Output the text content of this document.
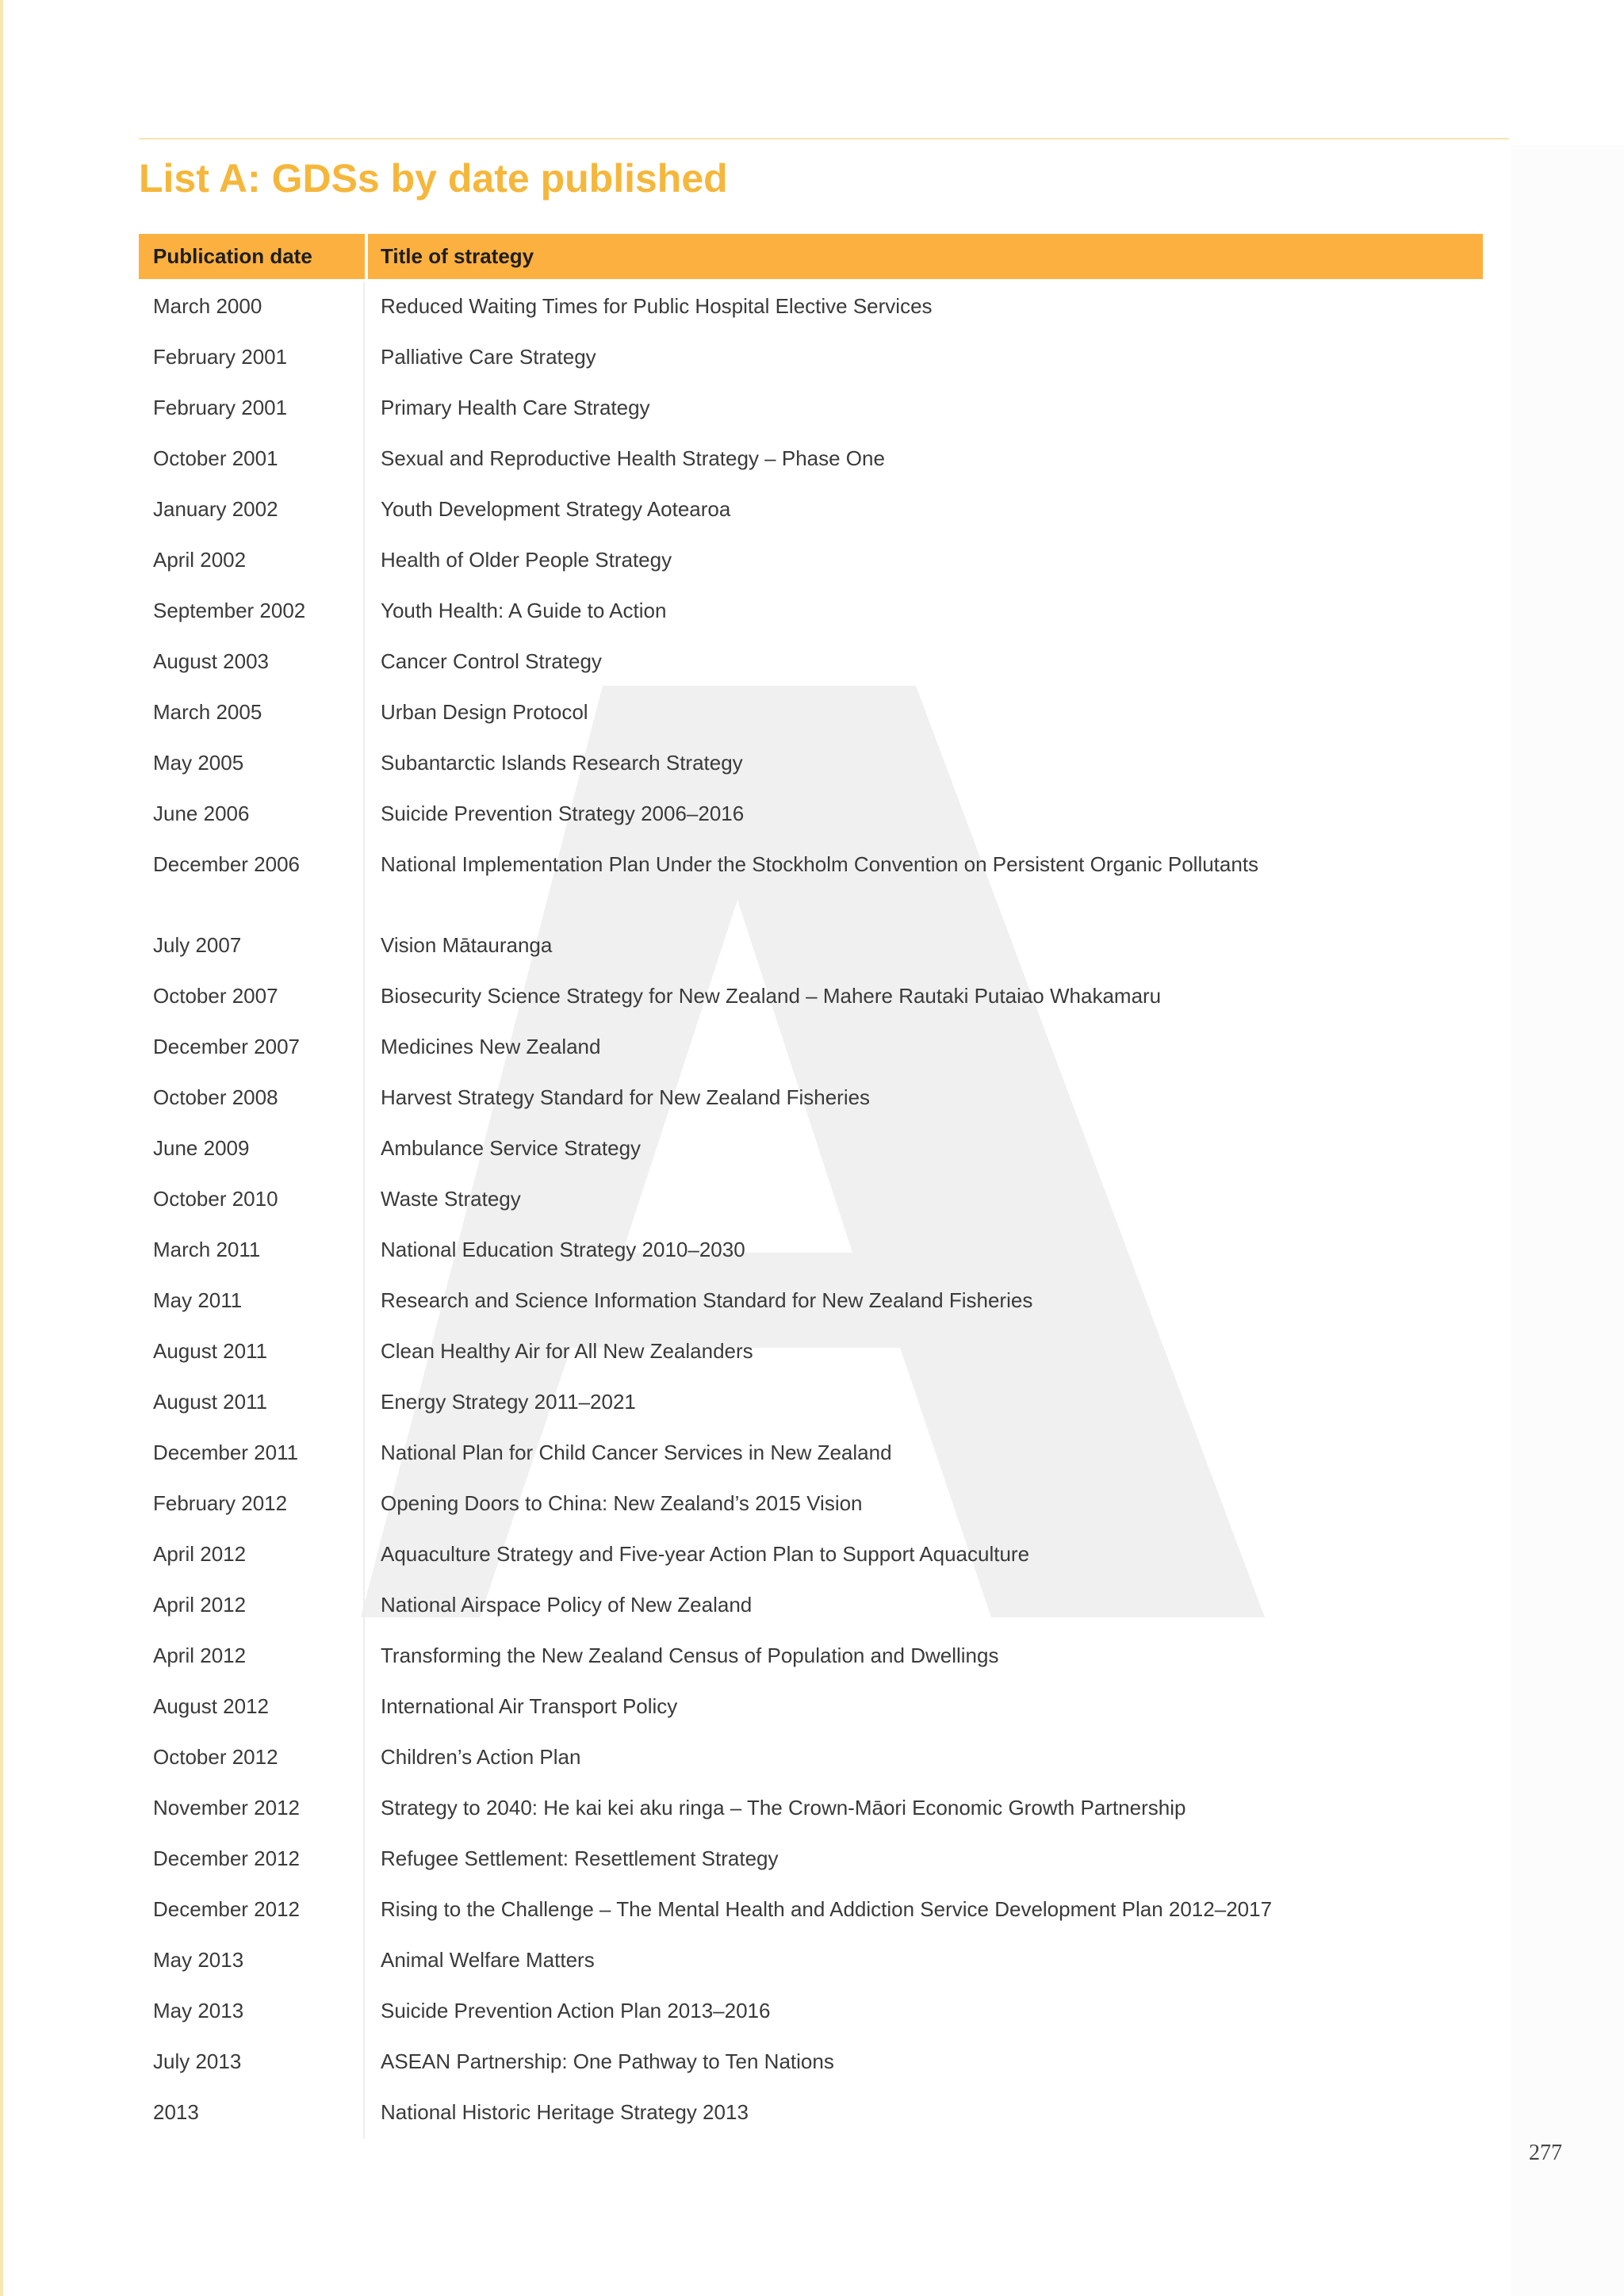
List A: GDSs by date published
Publication date	Title of strategy
March 2000	Reduced Waiting Times for Public Hospital Elective Services
February 2001	Palliative Care Strategy
February 2001	Primary Health Care Strategy
October 2001	Sexual and Reproductive Health Strategy – Phase One
January 2002	Youth Development Strategy Aotearoa
April 2002	Health of Older People Strategy
September 2002	Youth Health: A Guide to Action
August 2003	Cancer Control Strategy
March 2005	Urban Design Protocol
May 2005	Subantarctic Islands Research Strategy
June 2006	Suicide Prevention Strategy 2006–2016
December 2006	National Implementation Plan Under the Stockholm Convention on Persistent Organic Pollutants
July 2007	Vision Mātauranga
October 2007	Biosecurity Science Strategy for New Zealand – Mahere Rautaki Putaiao Whakamaru
December 2007	Medicines New Zealand
October 2008	Harvest Strategy Standard for New Zealand Fisheries
June 2009	Ambulance Service Strategy
October 2010	Waste Strategy
March 2011	National Education Strategy 2010–2030
May 2011	Research and Science Information Standard for New Zealand Fisheries
August 2011	Clean Healthy Air for All New Zealanders
August 2011	Energy Strategy 2011–2021
December 2011	National Plan for Child Cancer Services in New Zealand
February 2012	Opening Doors to China: New Zealand’s 2015 Vision
April 2012	Aquaculture Strategy and Five-year Action Plan to Support Aquaculture
April 2012	National Airspace Policy of New Zealand
April 2012	Transforming the New Zealand Census of Population and Dwellings
August 2012	International Air Transport Policy
October 2012	Children’s Action Plan
November 2012	Strategy to 2040: He kai kei aku ringa – The Crown-Māori Economic Growth Partnership
December 2012	Refugee Settlement: Resettlement Strategy
December 2012	Rising to the Challenge – The Mental Health and Addiction Service Development Plan 2012–2017
May 2013	Animal Welfare Matters
May 2013	Suicide Prevention Action Plan 2013–2016
July 2013	ASEAN Partnership: One Pathway to Ten Nations
2013	National Historic Heritage Strategy 2013
277
